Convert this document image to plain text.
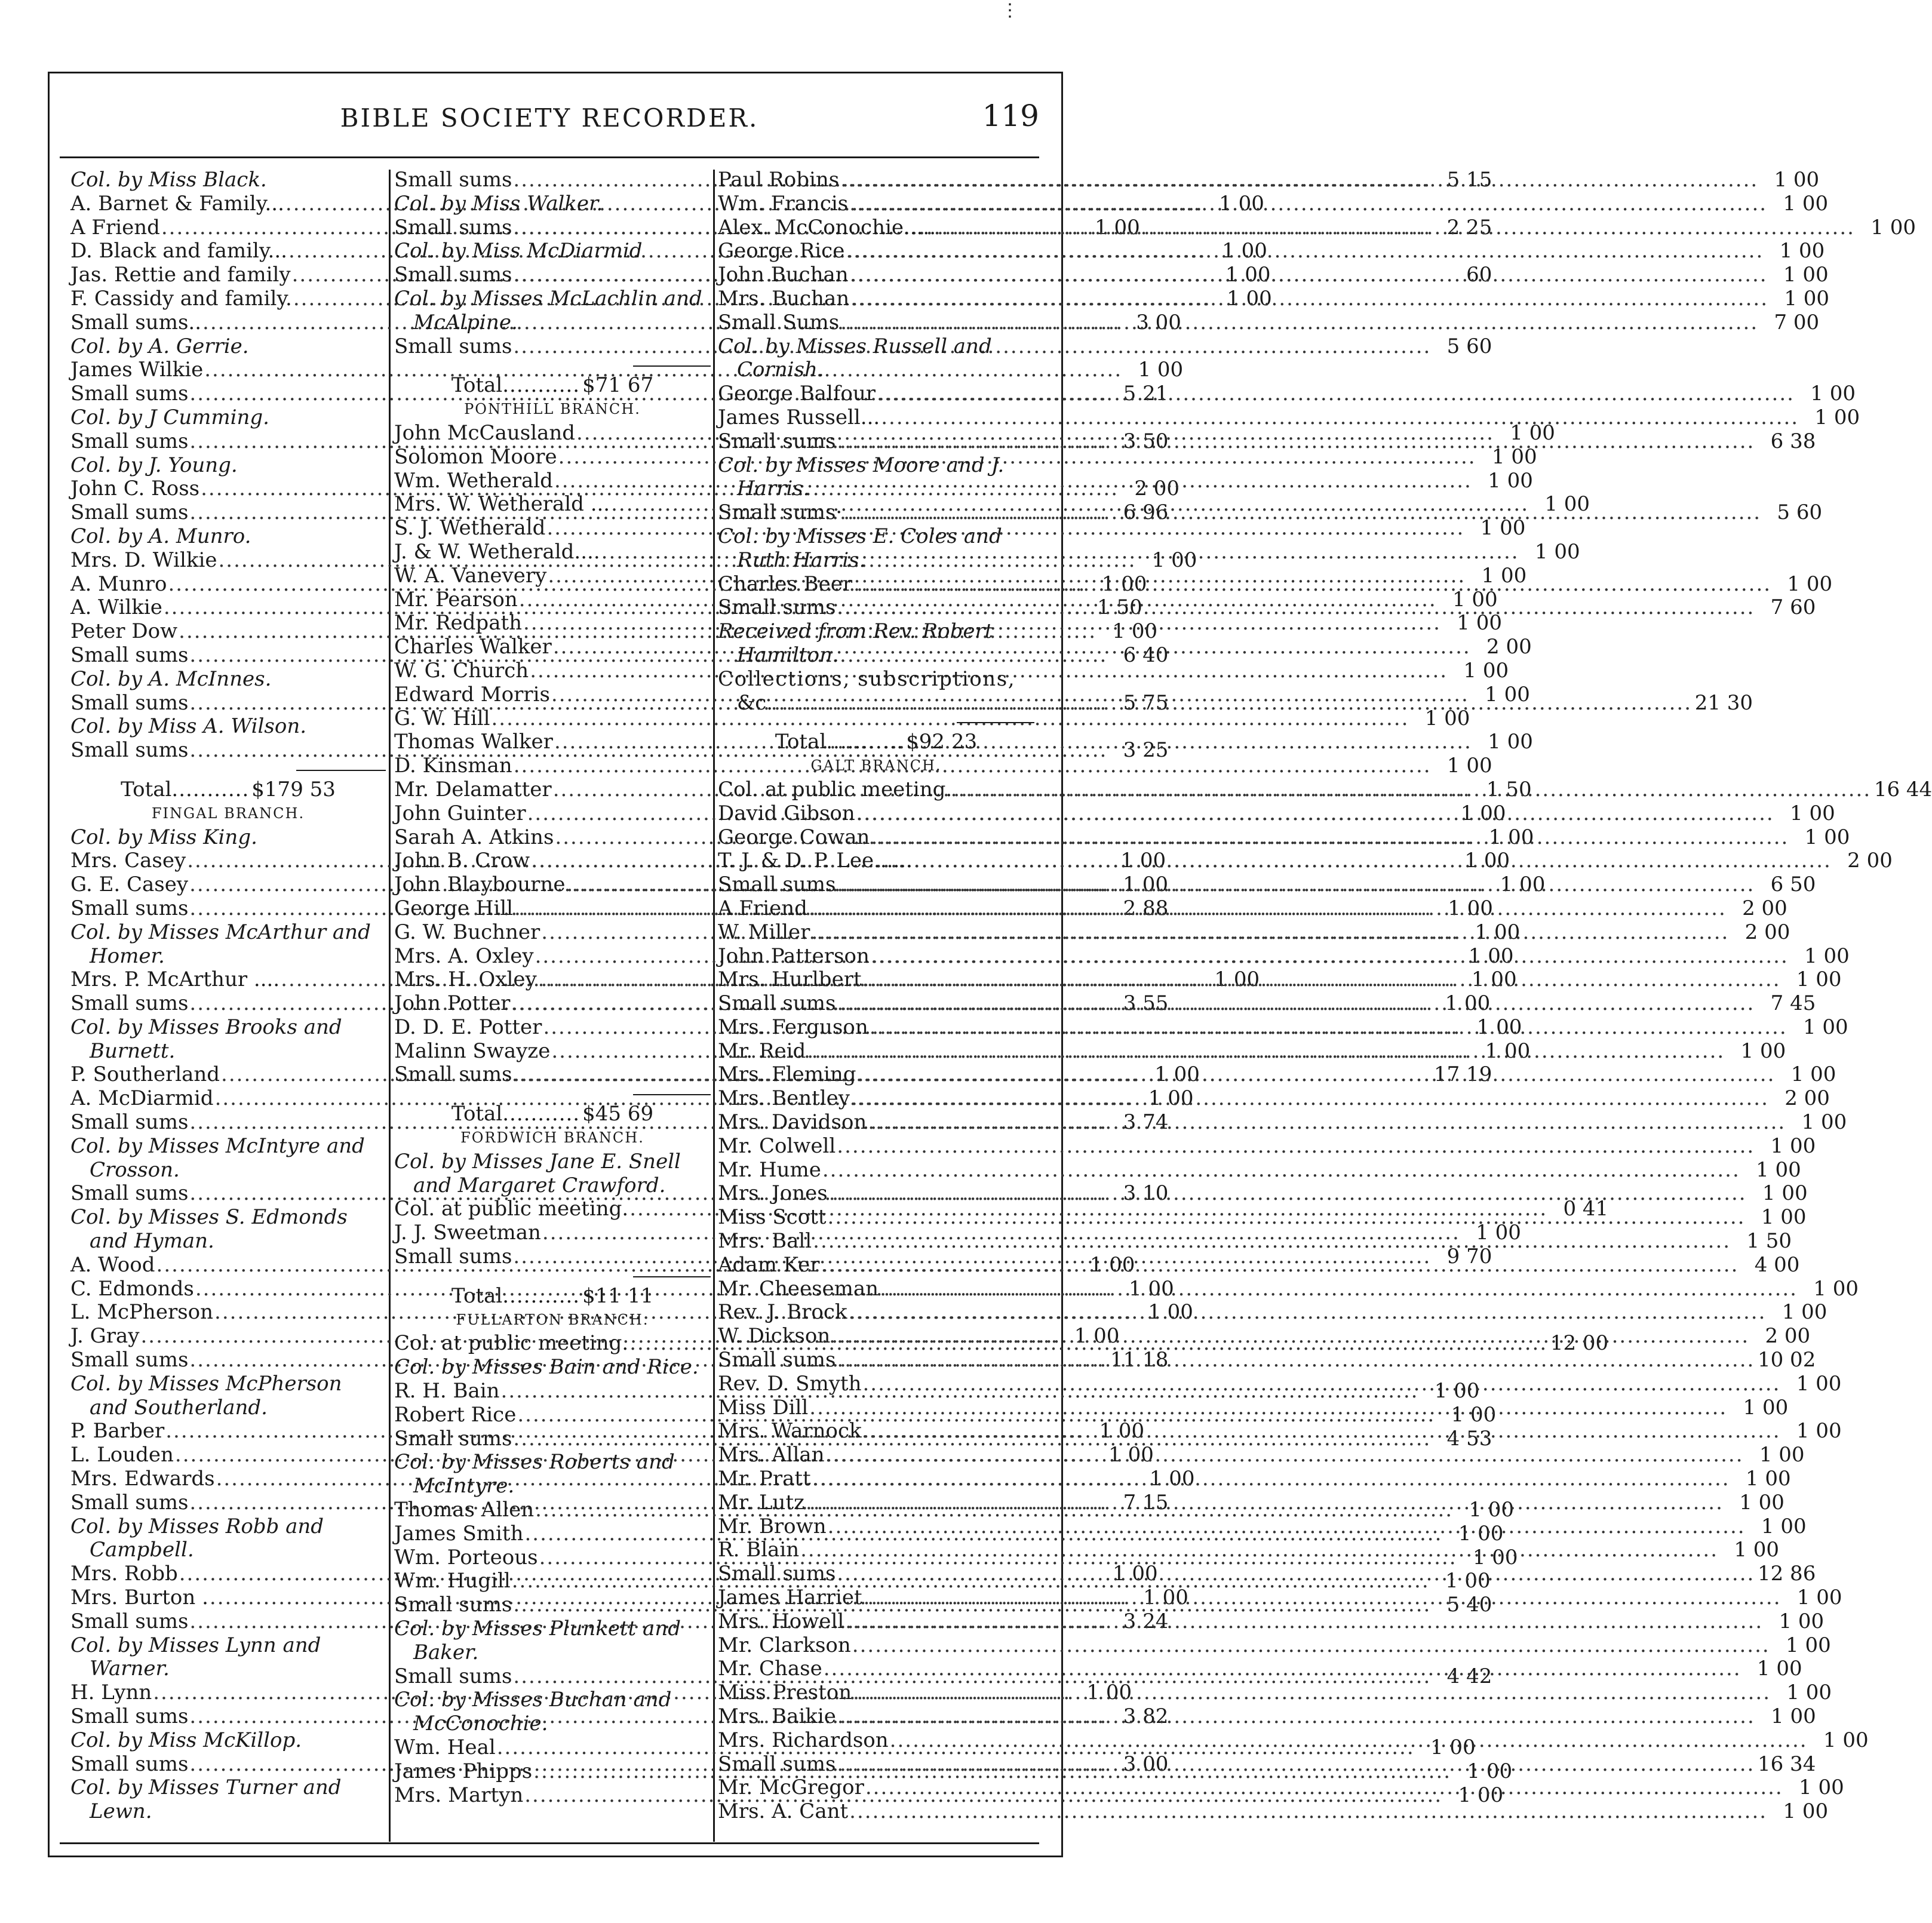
⋮
BIBLE SOCIETY RECORDER.	119
Col. by Miss Black.
A. Barnet & Family... .....	1 00
A Friend .....	1 00
D. Black and family... .....	1 00
Jas. Rettie and family .....	1 00
F. Cassidy and family. .....	1 00
Small sums.. .....	3 00
Col. by A. Gerrie.
James Wilkie .....	1 00
Small sums .....	5 21
Col. by J Cumming.
Small sums .....	3 50
Col. by J. Young.
John C. Ross .....	2 00
Small sums .....	6 96
Col. by A. Munro.
Mrs. D. Wilkie .....	1 00
A. Munro .....	1 00
A. Wilkie .....	1 50
Peter Dow .....	1 00
Small sums .....	6 40
Col. by A. McInnes.
Small sums .....	5 75
Col. by Miss A. Wilson.
Small sums .....	3 25
Total .....	$179 53
FINGAL BRANCH.
Col. by Miss King.
Mrs. Casey .....	1 00
G. E. Casey .....	1 00
Small sums .....	2 88
Col. by Misses McArthur and
Homer.
Mrs. P. McArthur .... .....	1 00
Small sums .....	3 55
Col. by Misses Brooks and
Burnett.
P. Southerland .....	1 00
A. McDiarmid .....	1 00
Small sums .....	3 74
Col. by Misses McIntyre and
Crosson.
Small sums .....	3 10
Col. by Misses S. Edmonds
and Hyman.
A. Wood .....	1 00
C. Edmonds .....	1 00
L. McPherson .....	1 00
J. Gray .....	1 00
Small sums .....	11 18
Col. by Misses McPherson
and Southerland.
P. Barber .....	1 00
L. Louden .....	1 00
Mrs. Edwards .....	1 00
Small sums .....	7 15
Col. by Misses Robb and
Campbell.
Mrs. Robb .....	1 00
Mrs. Burton . .....	1 00
Small sums .....	3 24
Col. by Misses Lynn and
Warner.
H. Lynn .....	1 00
Small sums .....	3 82
Col. by Miss McKillop.
Small sums .....	3 00
Col. by Misses Turner and
Lewn.
Small sums .....	5 15
Col. by Miss Walker.
Small sums .....	2 25
Col. by Miss McDiarmid
Small sums .....	60
Col. by Misses McLachlin and
McAlpine.
Small sums .....	5 60
Total .....	$71 67
PONTHILL BRANCH.
John McCausland .....	1 00
Solomon Moore .....	1 00
Wm. Wetherald .....	1 00
Mrs. W. Wetherald ... .....	1 00
S. J. Wetherald .....	1 00
J. & W. Wetherald.... .....	1 00
W. A. Vanevery .....	1 00
Mr. Pearson .....	1 00
Mr. Redpath .....	1 00
Charles Walker .....	2 00
W. G. Church .....	1 00
Edward Morris .....	1 00
G. W. Hill .....	1 00
Thomas Walker .....	1 00
D. Kinsman .....	1 00
Mr. Delamatter .....	1 50
John Guinter .....	1 00
Sarah A. Atkins .....	1 00
John B. Crow .....	1 00
John Blaybourne .....	1 00
George Hill .....	1 00
G. W. Buchner .....	1 00
Mrs. A. Oxley .....	1 00
Mrs. H. Oxley .....	1 00
John Potter .....	1 00
D. D. E. Potter .....	1 00
Malinn Swayze .....	1 00
Small sums .....	17 19
Total .....	$45 69
FORDWICH BRANCH.
Col. by Misses Jane E. Snell
and Margaret Crawford.
Col. at public meeting. .....	0 41
J. J. Sweetman .....	1 00
Small sums .....	9 70
Total .....	$11 11
FULLARTON BRANCH.
Col. at public meeting. .....	12 00
Col. by Misses Bain and Rice.
R. H. Bain .....	1 00
Robert Rice .....	1 00
Small sums .....	4 53
Col. by Misses Roberts and
McIntyre.
Thomas Allen .....	1 00
James Smith .....	1 00
Wm. Porteous .....	1 00
Wm. Hugill .....	1 00
Small sums .....	5 40
Col. by Misses Plunkett and
Baker.
Small sums .....	4 42
Col. by Misses Buchan and
McConochie.
Wm. Heal .....	1 00
James Phipps .....	1 00
Mrs. Martyn .....	1 00
Paul Robins .....	1 00
Wm. Francis .....	1 00
Alex. McConochie..... .....	1 00
George Rice .....	1 00
John Buchan .....	1 00
Mrs. Buchan .....	1 00
Small Sums .....	7 00
Col. by Misses Russell and
Cornish.
George Balfour .....	1 00
James Russell... .....	1 00
Small sums .....	6 38
Col. by Misses Moore and J.
Harris.
Small sums· .....	5 60
Col. by Misses E. Coles and
Ruth Harris.
Charles Beer .....	1 00
Small sums .....	7 60
Received from Rev. Robert
Hamilton.
Collections, subscriptions,
&c. .....	21 30
Total .....	$92 23
GALT BRANCH.
Col. at public meeting. .....	16 44
David Gibson .....	1 00
George Cowan .....	1 00
T. J. & D. P. Lee...... .....	2 00
Small sums .....	6 50
A Friend .....	2 00
W. Miller .....	2 00
John Patterson .....	1 00
Mrs. Hurlbert .....	1 00
Small sums .....	7 45
Mrs. Ferguson .....	1 00
Mr. Reid .....	1 00
Mrs. Fleming .....	1 00
Mrs. Bentley .....	2 00
Mrs. Davidson .....	1 00
Mr. Colwell .....	1 00
Mr. Hume .....	1 00
Mrs. Jones .....	1 00
Miss Scott .....	1 00
Mrs. Ball .....	1 50
Adam Ker .....	4 00
Mr. Cheeseman .....	1 00
Rev. J. Brock .....	1 00
W. Dickson .....	2 00
Small sums .....	10 02
Rev. D. Smyth .....	1 00
Miss Dill .....	1 00
Mrs. Warnock .....	1 00
Mrs. Allan .....	1 00
Mr. Pratt .....	1 00
Mr. Lutz .....	1 00
Mr. Brown .....	1 00
R. Blain .....	1 00
Small sums .....	12 86
James Harriet .....	1 00
Mrs. Howell .....	1 00
Mr. Clarkson .....	1 00
Mr. Chase .....	1 00
Miss Preston .....	1 00
Mrs. Baikie .....	1 00
Mrs. Richardson .....	1 00
Small sums .....	16 34
Mr. McGregor .....	1 00
Mrs. A. Cant .....	1 00
